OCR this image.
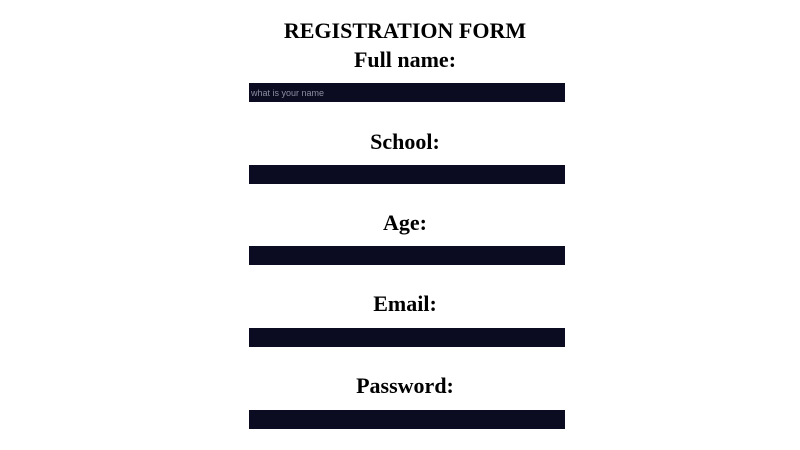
REGISTRATION FORM
Full name:
what is your name
School:
Age:
Email:
Password:
